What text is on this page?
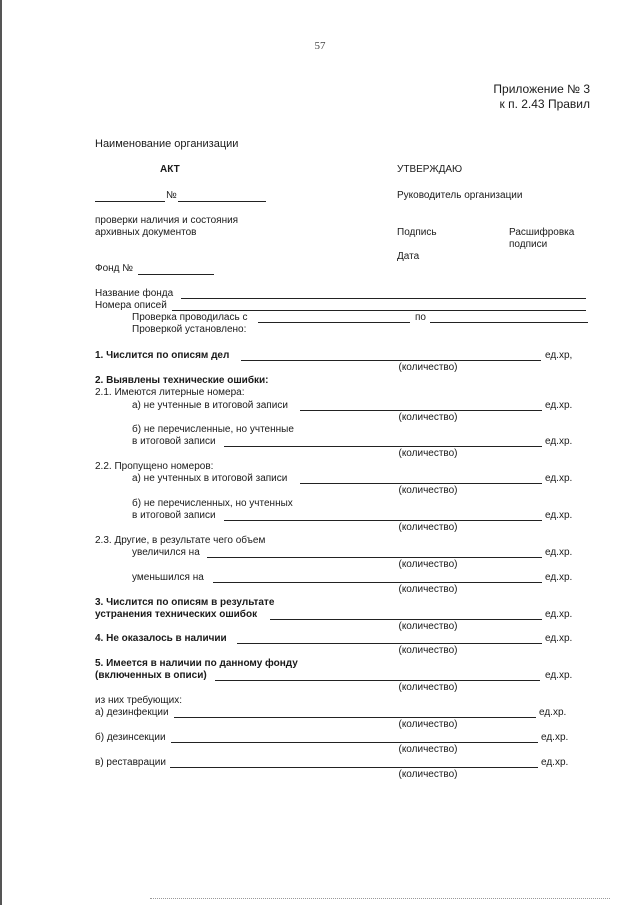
57
Приложение № 3
к п. 2.43 Правил
Наименование организации
АКТ
№
проверки наличия и состояния
архивных документов
Фонд №
УТВЕРЖДАЮ
Руководитель организации
Подпись	Расшифровка
подписи
Дата
Название фонда
Номера описей
Проверка проводилась с	по
Проверкой установлено:
1. Числится по описям дел	ед.хр,
(количество)
2. Выявлены технические ошибки:
2.1. Имеются литерные номера:
а) не учтенные в итоговой записи	ед.хр.
(количество)
б) не перечисленные, но учтенные
в итоговой записи	ед.хр.
(количество)
2.2. Пропущено номеров:
а) не учтенных в итоговой записи	ед.хр.
(количество)
б) не перечисленных, но учтенных
в итоговой записи	ед.хр.
(количество)
2.3. Другие, в результате чего объем
увеличился на	ед.хр.
(количество)
уменьшился на	ед.хр.
(количество)
3. Числится по описям в результате
устранения технических ошибок	ед.хр.
(количество)
4. Не оказалось в наличии	ед.хр.
(количество)
5. Имеется в наличии по данному фонду
(включенных в описи)	ед.хр.
(количество)
из них требующих:
а) дезинфекции	ед.хр.
(количество)
б) дезинсекции	ед.хр.
(количество)
в) реставрации	ед.хр.
(количество)
